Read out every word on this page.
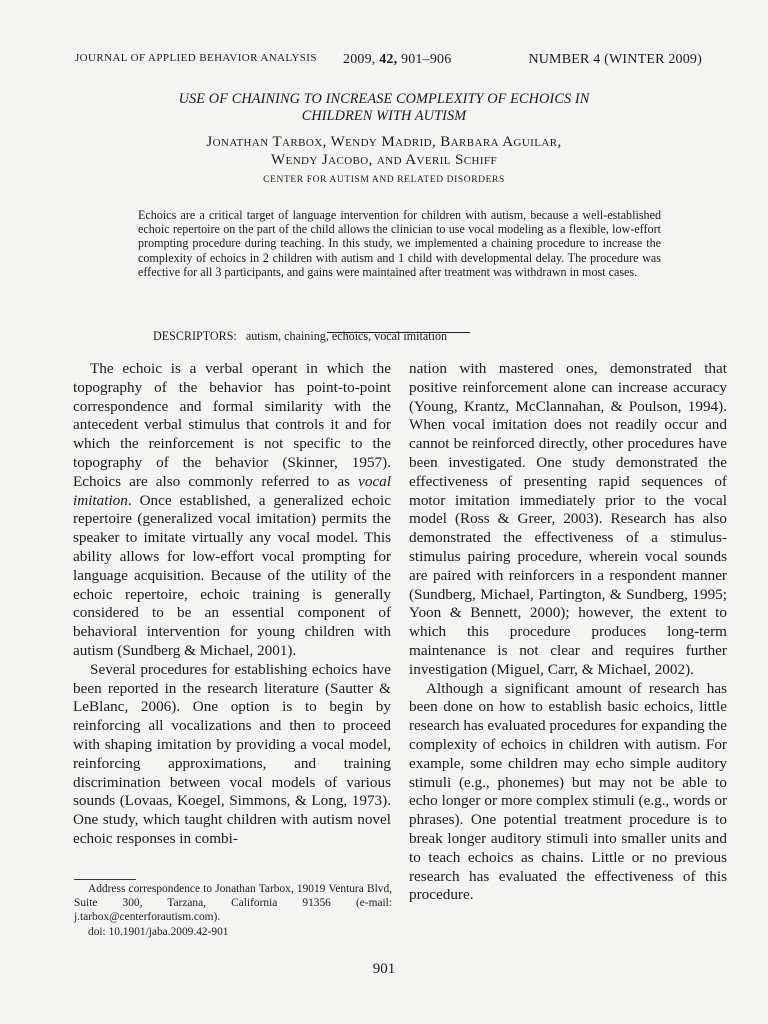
JOURNAL OF APPLIED BEHAVIOR ANALYSIS 2009, 42, 901–906	NUMBER 4 (WINTER 2009)
USE OF CHAINING TO INCREASE COMPLEXITY OF ECHOICS IN
CHILDREN WITH AUTISM
Jonathan Tarbox, Wendy Madrid, Barbara Aguilar,
Wendy Jacobo, and Averil Schiff
CENTER FOR AUTISM AND RELATED DISORDERS
Echoics are a critical target of language intervention for children with autism, because a well-established echoic repertoire on the part of the child allows the clinician to use vocal modeling as a flexible, low-effort prompting procedure during teaching. In this study, we implemented a chaining procedure to increase the complexity of echoics in 2 children with autism and 1 child with developmental delay. The procedure was effective for all 3 participants, and gains were maintained after treatment was withdrawn in most cases.
DESCRIPTORS: autism, chaining, echoics, vocal imitation

The echoic is a verbal operant in which the topography of the behavior has point-to-point correspondence and formal similarity with the antecedent verbal stimulus that controls it and for which the reinforcement is not specific to the topography of the behavior (Skinner, 1957). Echoics are also commonly referred to as vocal imitation. Once established, a generalized echoic repertoire (generalized vocal imitation) permits the speaker to imitate virtually any vocal model. This ability allows for low-effort vocal prompting for language acquisition. Because of the utility of the echoic repertoire, echoic training is generally considered to be an essential component of behavioral intervention for young children with autism (Sundberg & Michael, 2001).

Several procedures for establishing echoics have been reported in the research literature (Sautter & LeBlanc, 2006). One option is to begin by reinforcing all vocalizations and then to proceed with shaping imitation by providing a vocal model, reinforcing approximations, and training discrimination between vocal models of various sounds (Lovaas, Koegel, Simmons, & Long, 1973). One study, which taught children with autism novel echoic responses in combi-

nation with mastered ones, demonstrated that positive reinforcement alone can increase accuracy (Young, Krantz, McClannahan, & Poulson, 1994). When vocal imitation does not readily occur and cannot be reinforced directly, other procedures have been investigated. One study demonstrated the effectiveness of presenting rapid sequences of motor imitation immediately prior to the vocal model (Ross & Greer, 2003). Research has also demonstrated the effectiveness of a stimulus-stimulus pairing procedure, wherein vocal sounds are paired with reinforcers in a respondent manner (Sundberg, Michael, Partington, & Sundberg, 1995; Yoon & Bennett, 2000); however, the extent to which this procedure produces long-term maintenance is not clear and requires further investigation (Miguel, Carr, & Michael, 2002).

Although a significant amount of research has been done on how to establish basic echoics, little research has evaluated procedures for expanding the complexity of echoics in children with autism. For example, some children may echo simple auditory stimuli (e.g., phonemes) but may not be able to echo longer or more complex stimuli (e.g., words or phrases). One potential treatment procedure is to break longer auditory stimuli into smaller units and to teach echoics as chains. Little or no previous research has evaluated the effectiveness of this procedure.

Address correspondence to Jonathan Tarbox, 19019 Ventura Blvd, Suite 300, Tarzana, California 91356 (e-mail: j.tarbox@centerforautism.com).

doi: 10.1901/jaba.2009.42-901

901
